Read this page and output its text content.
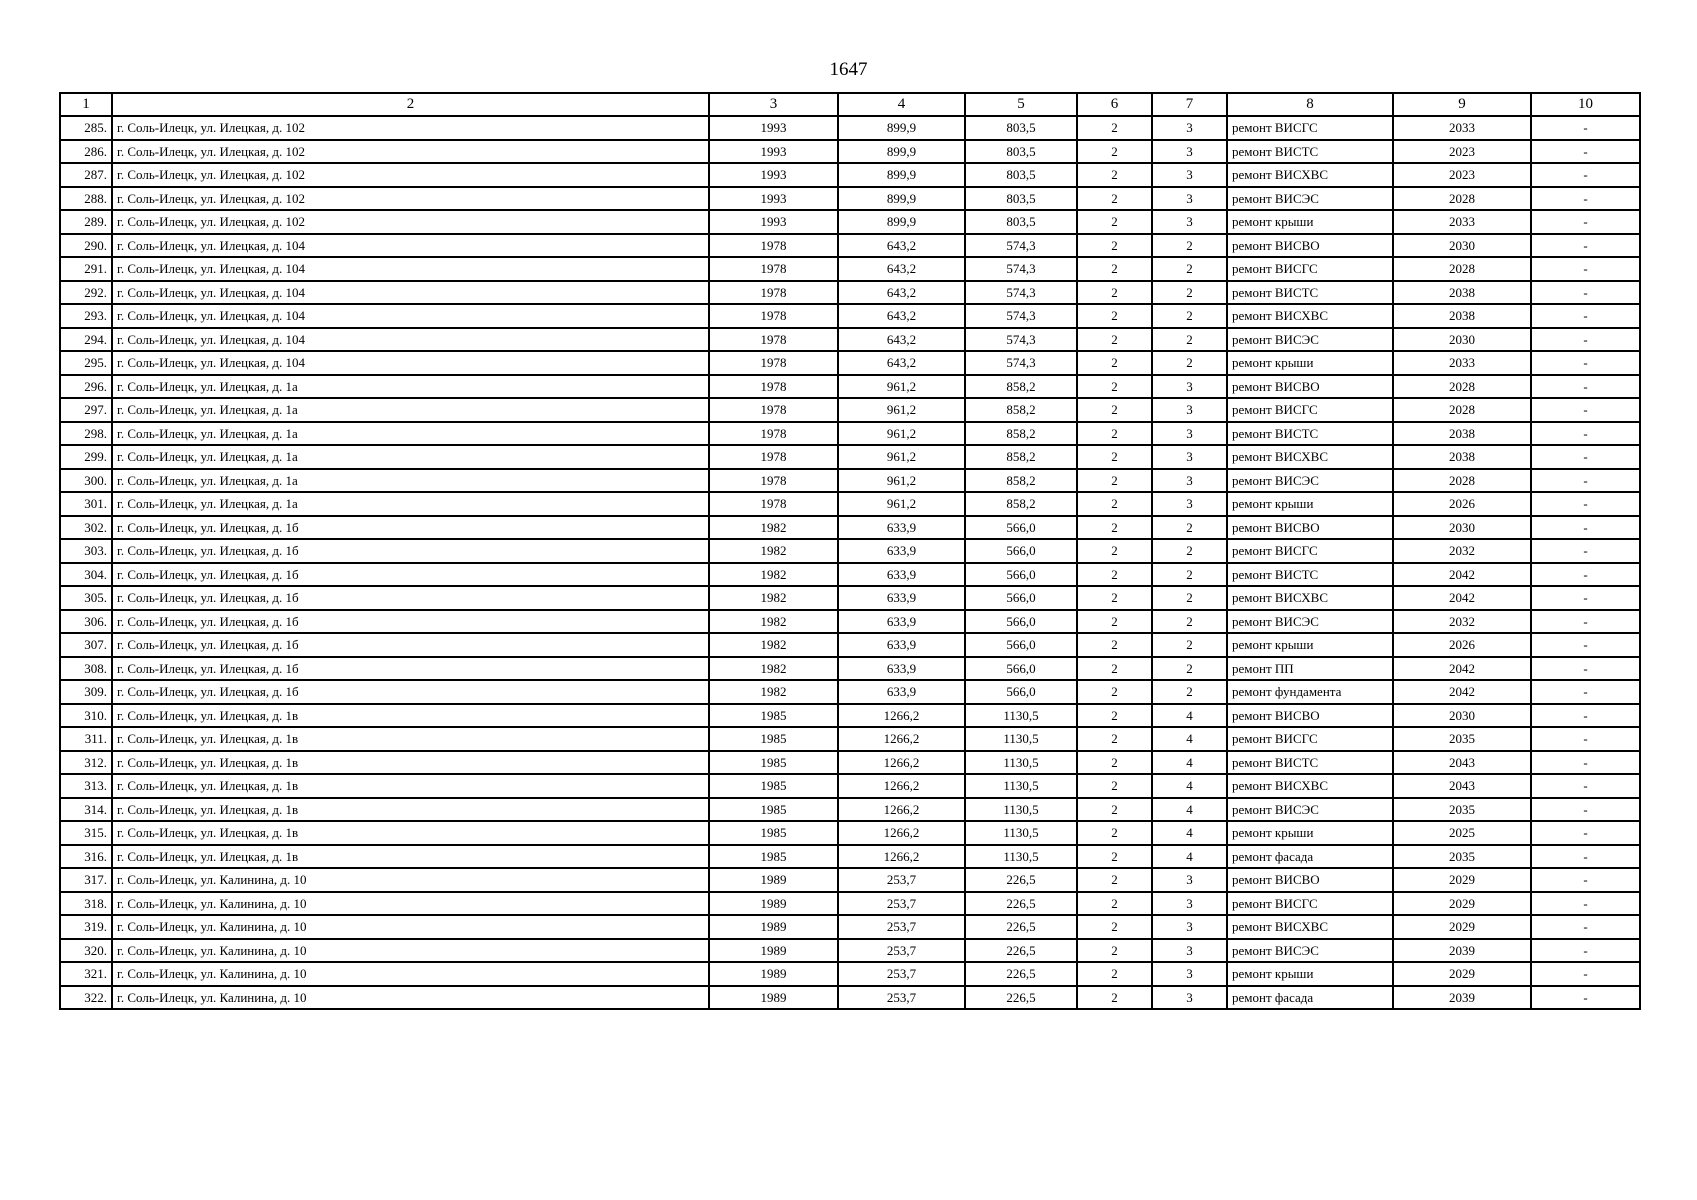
1647
1	2	3	4	5	6	7	8	9	10
285.	г. Соль-Илецк, ул. Илецкая, д. 102	1993	899,9	803,5	2	3	ремонт ВИСГС	2033	-
286.	г. Соль-Илецк, ул. Илецкая, д. 102	1993	899,9	803,5	2	3	ремонт ВИСТС	2023	-
287.	г. Соль-Илецк, ул. Илецкая, д. 102	1993	899,9	803,5	2	3	ремонт ВИСХВС	2023	-
288.	г. Соль-Илецк, ул. Илецкая, д. 102	1993	899,9	803,5	2	3	ремонт ВИСЭС	2028	-
289.	г. Соль-Илецк, ул. Илецкая, д. 102	1993	899,9	803,5	2	3	ремонт крыши	2033	-
290.	г. Соль-Илецк, ул. Илецкая, д. 104	1978	643,2	574,3	2	2	ремонт ВИСВО	2030	-
291.	г. Соль-Илецк, ул. Илецкая, д. 104	1978	643,2	574,3	2	2	ремонт ВИСГС	2028	-
292.	г. Соль-Илецк, ул. Илецкая, д. 104	1978	643,2	574,3	2	2	ремонт ВИСТС	2038	-
293.	г. Соль-Илецк, ул. Илецкая, д. 104	1978	643,2	574,3	2	2	ремонт ВИСХВС	2038	-
294.	г. Соль-Илецк, ул. Илецкая, д. 104	1978	643,2	574,3	2	2	ремонт ВИСЭС	2030	-
295.	г. Соль-Илецк, ул. Илецкая, д. 104	1978	643,2	574,3	2	2	ремонт крыши	2033	-
296.	г. Соль-Илецк, ул. Илецкая, д. 1а	1978	961,2	858,2	2	3	ремонт ВИСВО	2028	-
297.	г. Соль-Илецк, ул. Илецкая, д. 1а	1978	961,2	858,2	2	3	ремонт ВИСГС	2028	-
298.	г. Соль-Илецк, ул. Илецкая, д. 1а	1978	961,2	858,2	2	3	ремонт ВИСТС	2038	-
299.	г. Соль-Илецк, ул. Илецкая, д. 1а	1978	961,2	858,2	2	3	ремонт ВИСХВС	2038	-
300.	г. Соль-Илецк, ул. Илецкая, д. 1а	1978	961,2	858,2	2	3	ремонт ВИСЭС	2028	-
301.	г. Соль-Илецк, ул. Илецкая, д. 1а	1978	961,2	858,2	2	3	ремонт крыши	2026	-
302.	г. Соль-Илецк, ул. Илецкая, д. 1б	1982	633,9	566,0	2	2	ремонт ВИСВО	2030	-
303.	г. Соль-Илецк, ул. Илецкая, д. 1б	1982	633,9	566,0	2	2	ремонт ВИСГС	2032	-
304.	г. Соль-Илецк, ул. Илецкая, д. 1б	1982	633,9	566,0	2	2	ремонт ВИСТС	2042	-
305.	г. Соль-Илецк, ул. Илецкая, д. 1б	1982	633,9	566,0	2	2	ремонт ВИСХВС	2042	-
306.	г. Соль-Илецк, ул. Илецкая, д. 1б	1982	633,9	566,0	2	2	ремонт ВИСЭС	2032	-
307.	г. Соль-Илецк, ул. Илецкая, д. 1б	1982	633,9	566,0	2	2	ремонт крыши	2026	-
308.	г. Соль-Илецк, ул. Илецкая, д. 1б	1982	633,9	566,0	2	2	ремонт ПП	2042	-
309.	г. Соль-Илецк, ул. Илецкая, д. 1б	1982	633,9	566,0	2	2	ремонт фундамента	2042	-
310.	г. Соль-Илецк, ул. Илецкая, д. 1в	1985	1266,2	1130,5	2	4	ремонт ВИСВО	2030	-
311.	г. Соль-Илецк, ул. Илецкая, д. 1в	1985	1266,2	1130,5	2	4	ремонт ВИСГС	2035	-
312.	г. Соль-Илецк, ул. Илецкая, д. 1в	1985	1266,2	1130,5	2	4	ремонт ВИСТС	2043	-
313.	г. Соль-Илецк, ул. Илецкая, д. 1в	1985	1266,2	1130,5	2	4	ремонт ВИСХВС	2043	-
314.	г. Соль-Илецк, ул. Илецкая, д. 1в	1985	1266,2	1130,5	2	4	ремонт ВИСЭС	2035	-
315.	г. Соль-Илецк, ул. Илецкая, д. 1в	1985	1266,2	1130,5	2	4	ремонт крыши	2025	-
316.	г. Соль-Илецк, ул. Илецкая, д. 1в	1985	1266,2	1130,5	2	4	ремонт фасада	2035	-
317.	г. Соль-Илецк, ул. Калинина, д. 10	1989	253,7	226,5	2	3	ремонт ВИСВО	2029	-
318.	г. Соль-Илецк, ул. Калинина, д. 10	1989	253,7	226,5	2	3	ремонт ВИСГС	2029	-
319.	г. Соль-Илецк, ул. Калинина, д. 10	1989	253,7	226,5	2	3	ремонт ВИСХВС	2029	-
320.	г. Соль-Илецк, ул. Калинина, д. 10	1989	253,7	226,5	2	3	ремонт ВИСЭС	2039	-
321.	г. Соль-Илецк, ул. Калинина, д. 10	1989	253,7	226,5	2	3	ремонт крыши	2029	-
322.	г. Соль-Илецк, ул. Калинина, д. 10	1989	253,7	226,5	2	3	ремонт фасада	2039	-
